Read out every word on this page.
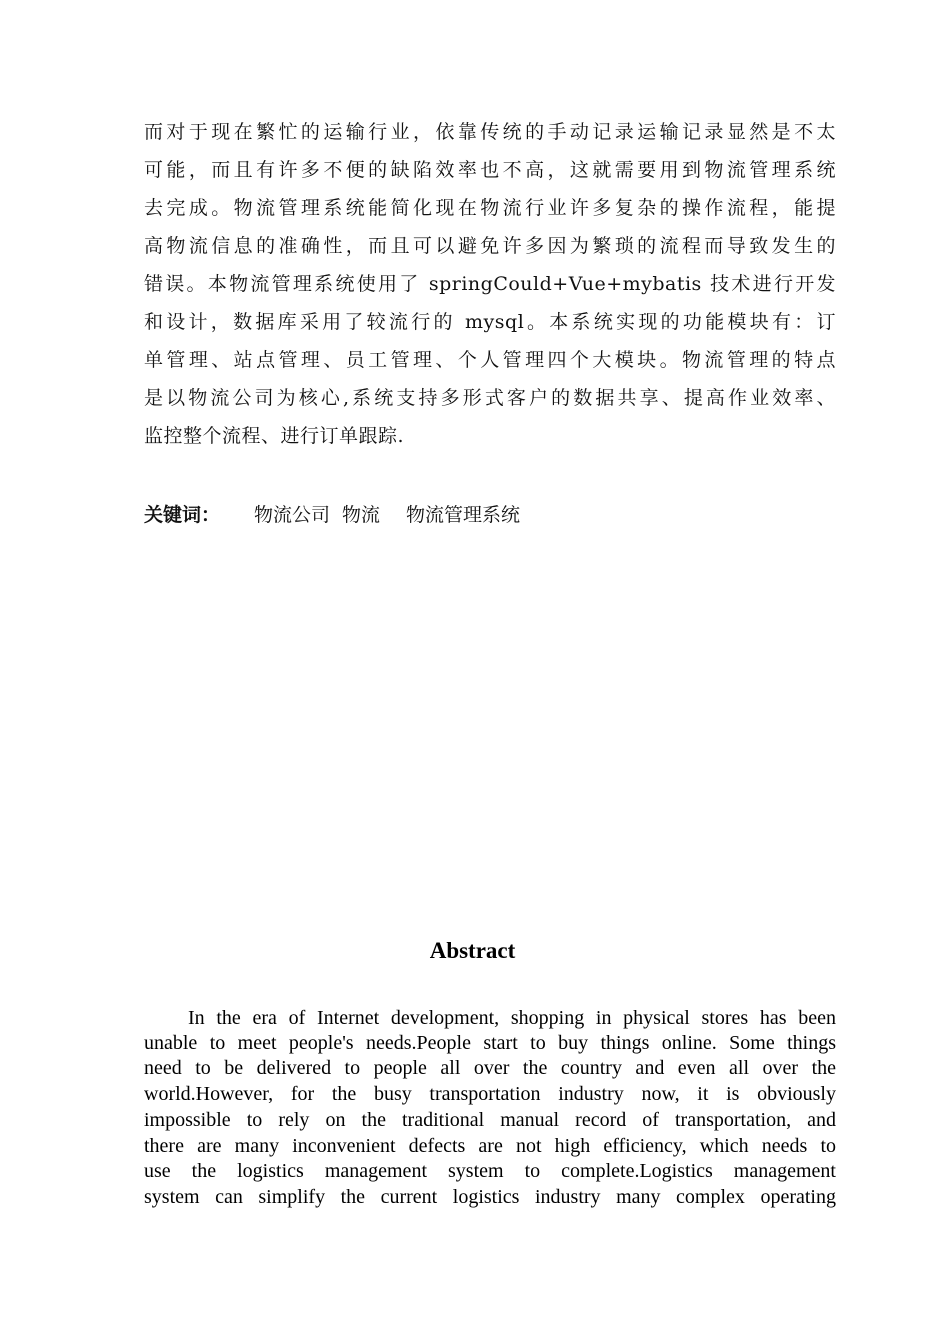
而对于现在繁忙的运输行业，依靠传统的手动记录运输记录显然是不太
可能，而且有许多不便的缺陷效率也不高，这就需要用到物流管理系统
去完成。物流管理系统能简化现在物流行业许多复杂的操作流程，能提
高物流信息的准确性，而且可以避免许多因为繁琐的流程而导致发生的
错误。本物流管理系统使用了 springCould+Vue+mybatis 技术进行开发
和设计，数据库采用了较流行的 mysql。本系统实现的功能模块有：订
单管理、站点管理、员工管理、个人管理四个大模块。物流管理的特点
是以物流公司为核心,系统支持多形式客户的数据共享、提高作业效率、
监控整个流程、进行订单跟踪.
关键词： 物流公司 物流 物流管理系统
Abstract
In the era of Internet development, shopping in physical stores has been
unable to meet people's needs.People start to buy things online. Some things
need to be delivered to people all over the country and even all over the
world.However, for the busy transportation industry now, it is obviously
impossible to rely on the traditional manual record of transportation, and
there are many inconvenient defects are not high efficiency, which needs to
use the logistics management system to complete.Logistics management
system can simplify the current logistics industry many complex operating
